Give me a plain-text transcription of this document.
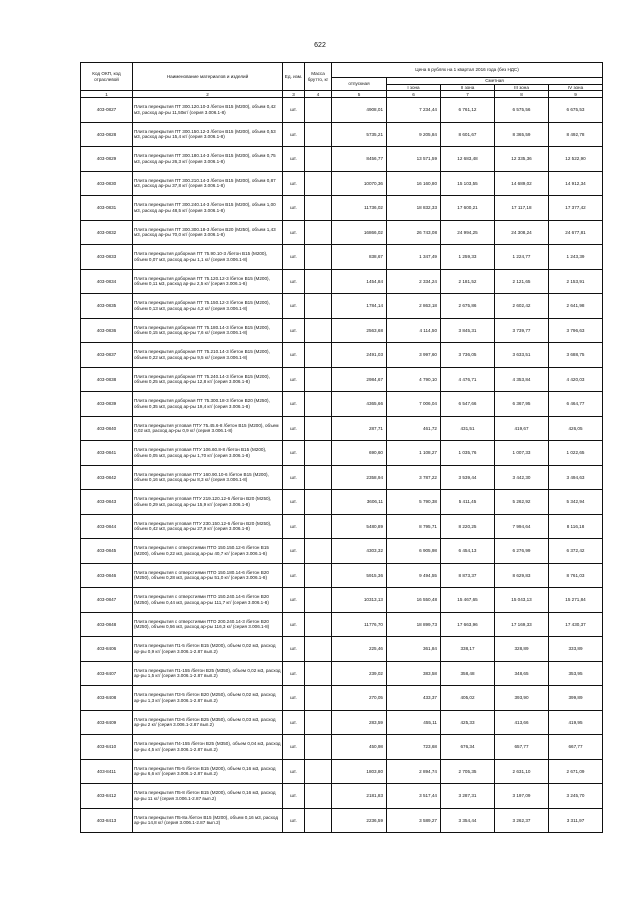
622
Код ОКП, код отраслевой	Наименование материалов и изделий	Ед. изм.	Масса брутто, кг	Цена в рублях на 1 квартал 2016 года (без НДС)				
				отпускная	Сметная			
					I зона	II зона	III зона	IV зона
1	2	3	4	5	6	7	8	9
403-0827	Плита перекрытия ПТ 300.120.10-3 /бетон В15 (М200), объем 0,42 м3, расход ар-ры 11,50кг/ (серия 3.006.1-8)	шт.		4908,01	7 234,44	6 761,12	6 575,56	6 675,53
403-0828	Плита перекрытия ПТ 300.150.12-3 /бетон В15 (М200), объем 0,53 м3, расход ар-ры 15,4 кг/ (серия 3.006.1-8)	шт.		5735,21	9 205,84	8 601,67	8 365,59	8 492,78
403-0829	Плита перекрытия ПТ 300.180.14-3 /бетон В15 (М200), объем 0,75 м3, расход ар-ры 26,3 кг/ (серия 3.006.1-8)	шт.		8456,77	13 571,59	12 683,48	12 335,36	12 522,90
403-0830	Плита перекрытия ПТ 300.210.14-3 /бетон В15 (М200), объем 0,87 м3, расход ар-ры 37,8 кг/ (серия 3.006.1-8)	шт.		10070,36	16 160,80	15 103,55	14 689,02	14 912,34
403-0831	Плита перекрытия ПТ 300.240.14-3 /бетон В15 (М200), объем 1,00 м3, расход ар-ры 48,5 кг/ (серия 3.006.1-8)	шт.		11736,02	18 832,33	17 600,21	17 117,18	17 377,42
403-0832	Плита перекрытия ПТ 300.300.18-3 /бетон В20 (М250), объем 1,43 м3, расход ар-ры 70,0 кг/ (серия 3.006.1-8)	шт.		16866,02	26 743,08	24 994,25	24 308,24	24 677,81
403-0833	Плита перекрытия доборная ПТ 75.90.10-3 /бетон В15 (М200), объем 0,07 м3, расход ар-ры 1,1 кг/ (серия 3.006.1-8)	шт.		838,67	1 347,49	1 259,33	1 224,77	1 243,39
403-0834	Плита перекрытия доборная ПТ 75.120.12-3 /бетон В15 (М200), объем 0,11 м3, расход ар-ры 2,5 кг/ (серия 3.006.1-8)	шт.		1454,84	2 334,24	2 181,52	2 121,65	2 153,91
403-0835	Плита перекрытия доборная ПТ 75.150.12-3 /бетон В15 (М200), объем 0,13 м3, расход ар-ры 4,2 кг/ (серия 3.006.1-8)	шт.		1784,14	2 863,18	2 675,86	2 602,42	2 641,98
403-0836	Плита перекрытия доборная ПТ 75.180.14-3 /бетон В15 (М200), объем 0,15 м3, расход ар-ры 7,6 кг/ (серия 3.006.1-8)	шт.		2563,68	4 114,50	3 845,31	3 739,77	3 796,63
403-0837	Плита перекрытия доборная ПТ 75.210.14-3 /бетон В15 (М200), объем 0,22 м3, расход ар-ры 9,5 кг/ (серия 3.006.1-8)	шт.		2491,03	3 997,60	3 736,05	3 633,51	3 688,75
403-0838	Плита перекрытия доборная ПТ 75.240.14-3 /бетон В15 (М200), объем 0,25 м3, расход ар-ры 12,8 кг/ (серия 3.006.1-8)	шт.		2984,67	4 790,10	4 476,71	4 353,84	4 420,03
403-0839	Плита перекрытия доборная ПТ 75.300.18-3 /бетон В20 (М250), объем 0,35 м3, расход ар-ры 19,4 кг/ (серия 3.006.1-8)	шт.		4365,66	7 006,04	6 547,66	6 367,95	6 464,77
403-0840	Плита перекрытия угловая ПТУ 75.45.6-8 /бетон В15 (М200), объем 0,02 м3, расход ар-ры 0,9 кг/ (серия 3.006.1-8)	шт.		287,71	461,72	431,51	419,67	426,05
403-0841	Плита перекрытия угловая ПТУ 106.60.8-8 /бетон В15 (М200), объем 0,05 м3, расход ар-ры 1,70 кг/ (серия 3.006.1-8)	шт.		690,60	1 108,27	1 035,76	1 007,33	1 022,65
403-0842	Плита перекрытия угловая ПТУ 160.90.10-6 /бетон В15 (М200), объем 0,16 м3, расход ар-ры 8,3 кг/ (серия 3.006.1-8)	шт.		2358,94	3 787,22	3 539,44	3 442,30	3 494,63
403-0843	Плита перекрытия угловая ПТУ 219.120.12-6 /бетон В20 (М250), объем 0,29 м3, расход ар-ры 15,9 кг/ (серия 3.006.1-8)	шт.		3606,11	5 790,38	5 411,45	5 262,92	5 342,94
403-0844	Плита перекрытия угловая ПТУ 230.150.12-6 /бетон В20 (М250), объем 0,42 м3, расход ар-ры 27,9 кг/ (серия 3.006.1-8)	шт.		5480,89	8 795,71	8 220,25	7 994,64	8 116,18
403-0845	Плита перекрытия с отверстиями ПТО 150.150.12-6 /бетон В15 (М200), объем 0,22 м3, расход ар-ры 40,7 кг/ (серия 3.006.1-8)	шт.		4303,32	6 905,98	6 454,13	6 276,99	6 372,42
403-0846	Плита перекрытия с отверстиями ПТО 150.180.14-6 /бетон В20 (М250), объем 0,28 м3, расход ар-ры 51,0 кг/ (серия 3.006.1-8)	шт.		5915,36	9 494,55	8 873,37	8 629,83	8 761,03
403-0847	Плита перекрытия с отверстиями ПТО 150.240.14-6 /бетон В20 (М250), объем 0,44 м3, расход ар-ры 111,7 кг/ (серия 3.006.1-8)	шт.		10313,13	16 550,48	15 467,65	15 043,13	15 271,84
403-0848	Плита перекрытия с отверстиями ПТО 200.240.14-3 /бетон В20 (М250), объем 0,56 м3, расход ар-ры 116,3 кг/ (серия 3.006.1-8)	шт.		11776,70	18 899,73	17 663,96	17 169,33	17 430,37
403-8406	Плита перекрытия П1-5 /бетон В15 (М200), объем 0,02 м3, расход ар-ры 0,9 кг/ (серия 3.006.1-2.87 вып.2)	шт.		225,46	361,84	338,17	328,89	333,89
403-8407	Плита перекрытия П1-155 /бетон В25 (М350), объем 0,02 м3, расход ар-ры 1,5 кг/ (серия 3.006.1-2.87 вып.2)	шт.		239,02	383,58	358,48	348,65	353,95
403-8408	Плита перекрытия П3-5 /бетон В20 (М250), объем 0,02 м3, расход ар-ры 1,3 кг/ (серия 3.006.1-2.87 вып.2)	шт.		270,05	433,37	405,02	393,90	399,89
403-8409	Плита перекрытия П3-6 /бетон В25 (М350), объем 0,03 м3, расход ар-ры 2 кг/ (серия 3.006.1-2.87 вып.2)	шт.		283,59	455,11	425,33	413,66	419,95
403-8410	Плита перекрытия П4-155 /бетон В25 (М350), объем 0,04 м3, расход ар-ры 4,5 кг/ (серия 3.006.1-2.87 вып.2)	шт.		450,98	723,68	676,34	657,77	667,77
403-8411	Плита перекрытия П5-5 /бетон В15 (М200), объем 0,16 м3, расход ар-ры 6,6 кг/ (серия 3.006.1-2.87 вып.2)	шт.		1803,80	2 894,74	2 705,35	2 631,10	2 671,09
403-8412	Плита перекрытия П5-8 /бетон В15 (М200), объем 0,16 м3, расход ар-ры 11 кг/ (серия 3.006.1-2.87 вып.2)	шт.		2181,83	3 517,44	3 287,31	3 197,09	3 245,70
403-8413	Плита перекрытия П5-8а /бетон В15 (М200), объем 0,16 м3, расход ар-ры 14,8 кг/ (серия 3.006.1-2.87 вып.2)	шт.		2236,59	3 589,27	3 354,44	3 262,37	3 311,97
